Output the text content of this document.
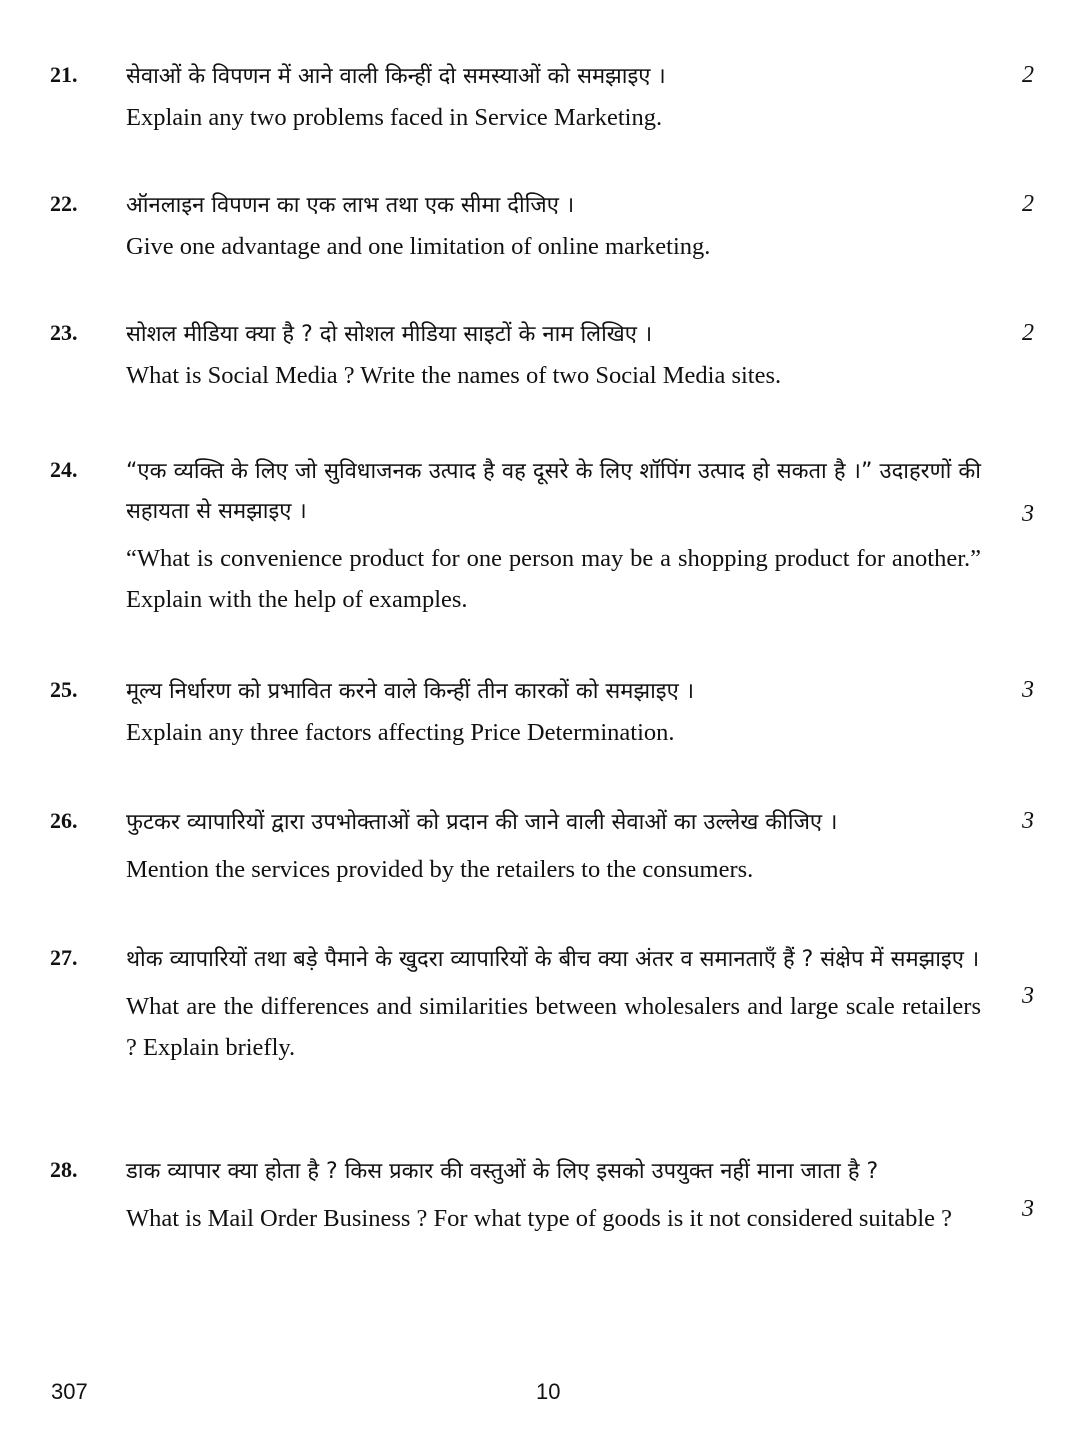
21. सेवाओं के विपणन में आने वाली किन्हीं दो समस्याओं को समझाइए ।

Explain any two problems faced in Service Marketing.

2
22. ऑनलाइन विपणन का एक लाभ तथा एक सीमा दीजिए ।

Give one advantage and one limitation of online marketing.

2
23. सोशल मीडिया क्या है ? दो सोशल मीडिया साइटों के नाम लिखिए ।

What is Social Media ? Write the names of two Social Media sites.

2
24. “एक व्यक्ति के लिए जो सुविधाजनक उत्पाद है वह दूसरे के लिए शॉपिंग उत्पाद हो सकता है ।” उदाहरणों की सहायता से समझाइए ।

“What is convenience product for one person may be a shopping product for another.” Explain with the help of examples.

3
25. मूल्य निर्धारण को प्रभावित करने वाले किन्हीं तीन कारकों को समझाइए ।

Explain any three factors affecting Price Determination.

3
26. फुटकर व्यापारियों द्वारा उपभोक्ताओं को प्रदान की जाने वाली सेवाओं का उल्लेख कीजिए ।

Mention the services provided by the retailers to the consumers.

3
27. थोक व्यापारियों तथा बड़े पैमाने के खुदरा व्यापारियों के बीच क्या अंतर व समानताएँ हैं ? संक्षेप में समझाइए ।

What are the differences and similarities between wholesalers and large scale retailers ? Explain briefly.

3
28. डाक व्यापार क्या होता है ? किस प्रकार की वस्तुओं के लिए इसको उपयुक्त नहीं माना जाता है ?

What is Mail Order Business ? For what type of goods is it not considered suitable ?	3
307	10
